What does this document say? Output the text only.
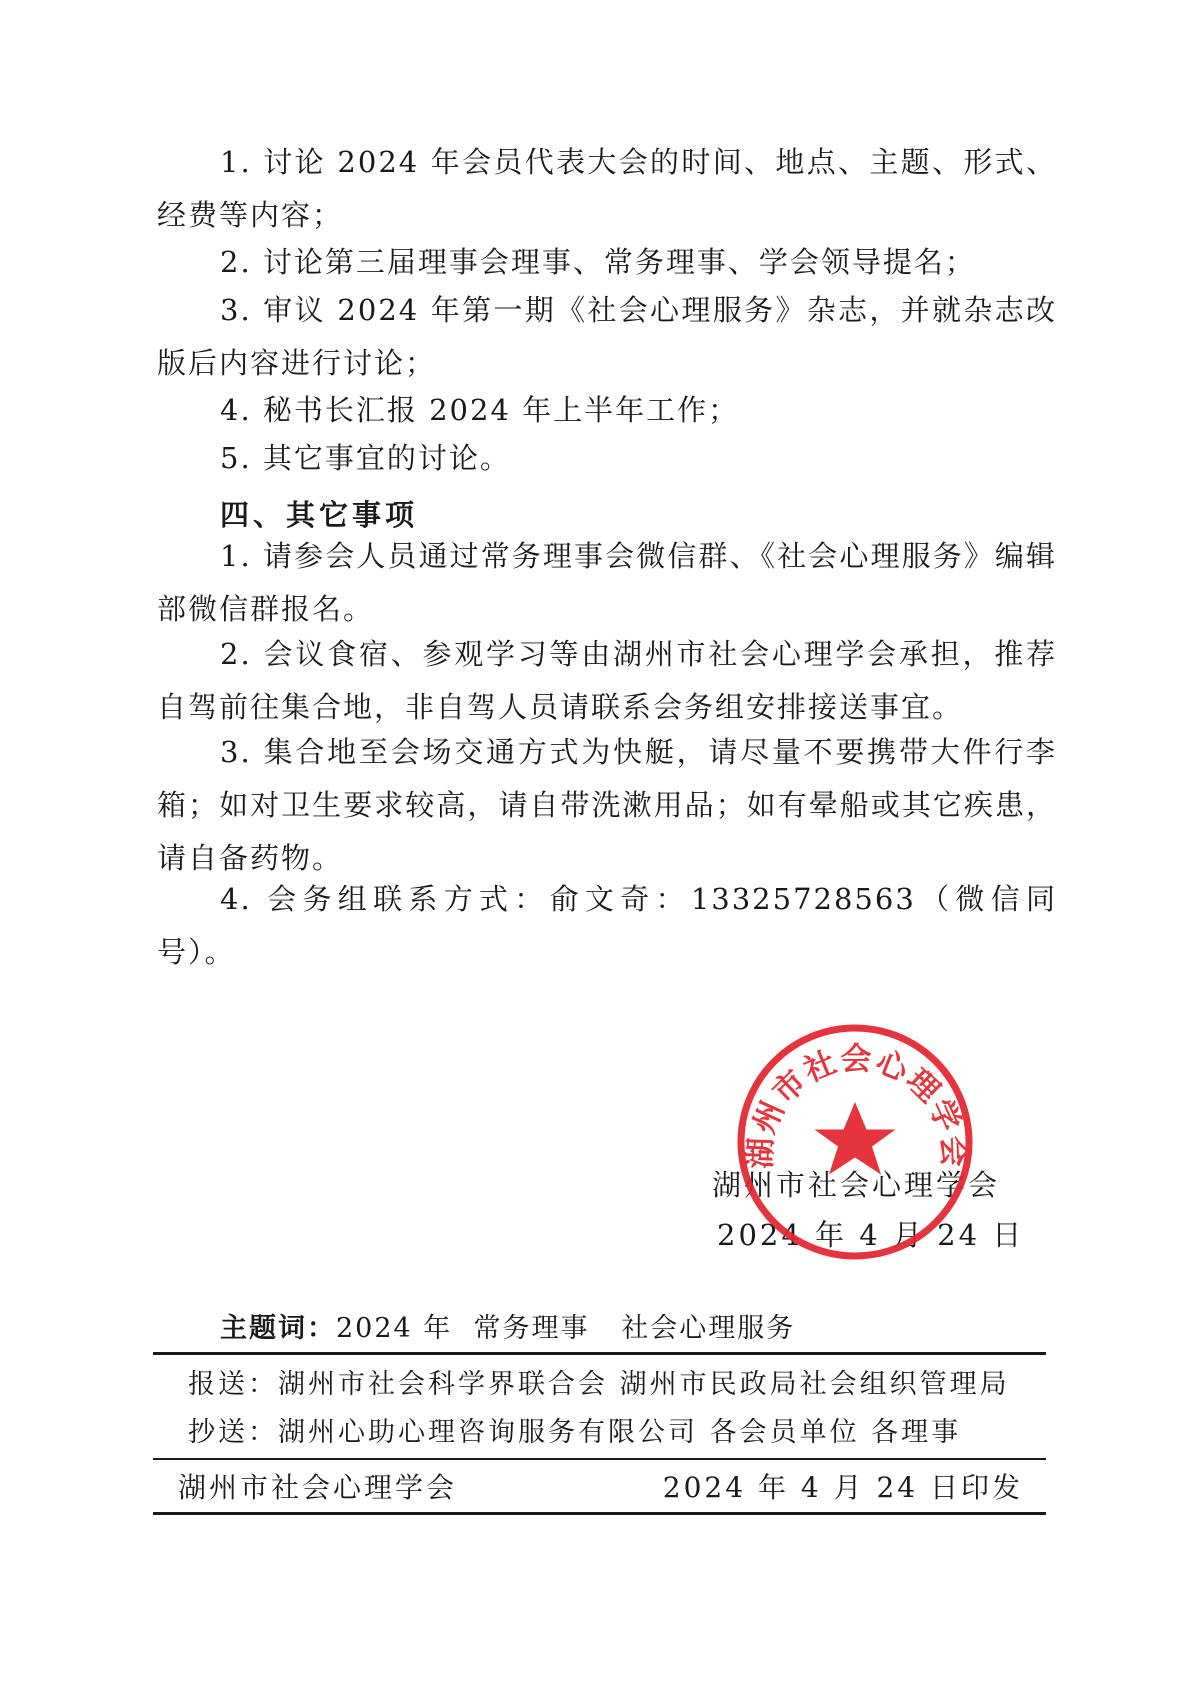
1. 讨论 2024 年会员代表大会的时间、地点、主题、形式、经费等内容；

2. 讨论第三届理事会理事、常务理事、学会领导提名；

3. 审议 2024 年第一期《社会心理服务》杂志，并就杂志改版后内容进行讨论；

4. 秘书长汇报 2024 年上半年工作；

5. 其它事宜的讨论。

四、其它事项

1. 请参会人员通过常务理事会微信群、《社会心理服务》编辑部微信群报名。

2. 会议食宿、参观学习等由湖州市社会心理学会承担，推荐自驾前往集合地，非自驾人员请联系会务组安排接送事宜。

3. 集合地至会场交通方式为快艇，请尽量不要携带大件行李箱；如对卫生要求较高，请自带洗漱用品；如有晕船或其它疾患，请自备药物。

4. 会务组联系方式：俞文奇：13325728563（微信同号）。

湖州市社会心理学会

2024 年 4 月 24 日

湖州市社会心理学会

主题词：2024 年  常务理事   社会心理服务

报送：湖州市社会科学界联合会 湖州市民政局社会组织管理局

抄送：湖州心助心理咨询服务有限公司 各会员单位 各理事

湖州市社会心理学会	2024 年 4 月 24 日印发
